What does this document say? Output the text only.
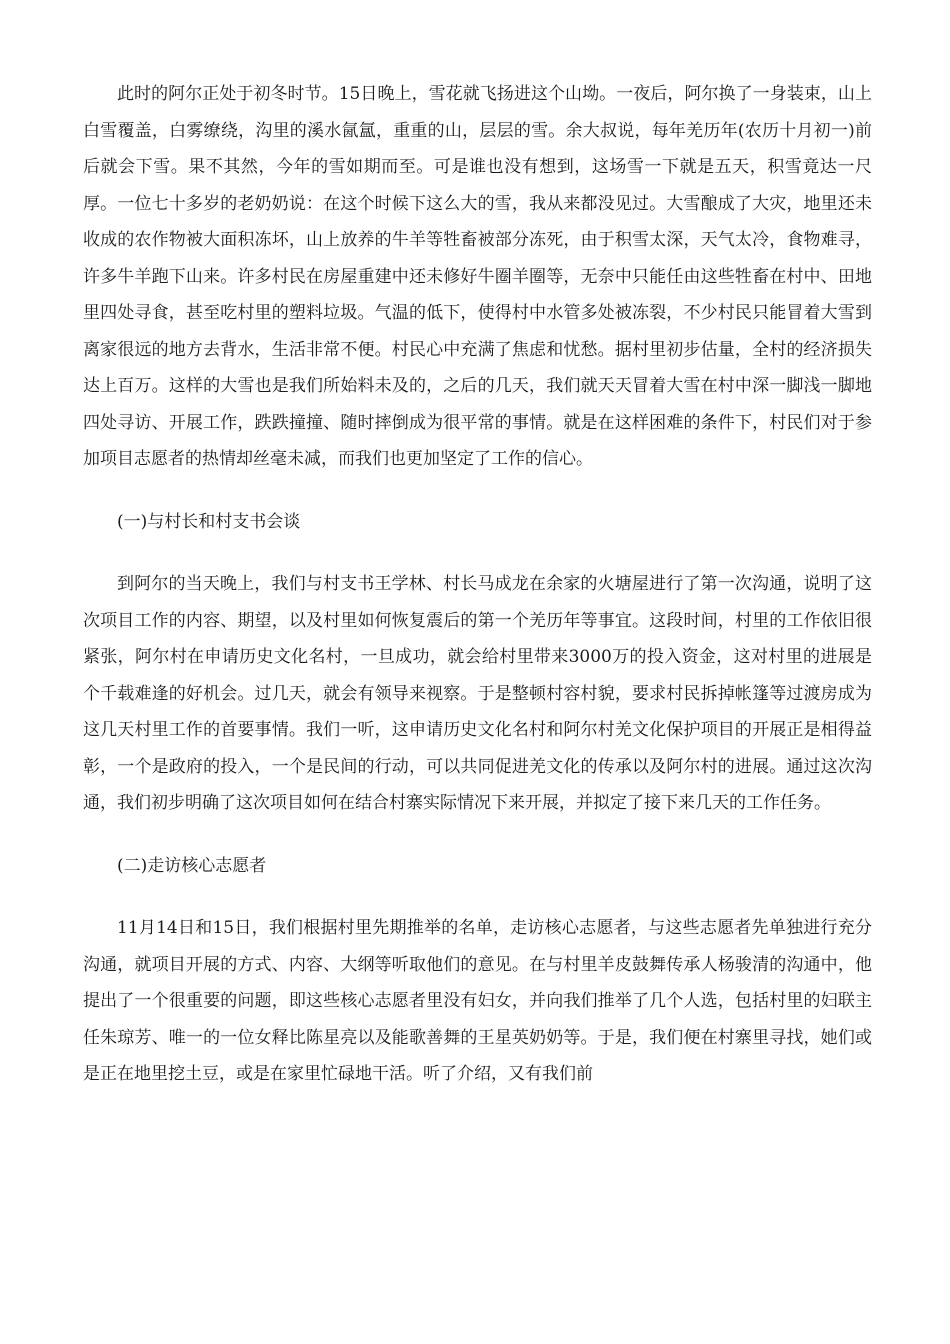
此时的阿尔正处于初冬时节。15日晚上，雪花就飞扬进这个山坳。一夜后，阿尔换了一身装束，山上白雪覆盖，白雾缭绕，沟里的溪水氤氲，重重的山，层层的雪。余大叔说，每年羌历年(农历十月初一)前后就会下雪。果不其然，今年的雪如期而至。可是谁也没有想到，这场雪一下就是五天，积雪竟达一尺厚。一位七十多岁的老奶奶说：在这个时候下这么大的雪，我从来都没见过。大雪酿成了大灾，地里还未收成的农作物被大面积冻坏，山上放养的牛羊等牲畜被部分冻死，由于积雪太深，天气太冷，食物难寻，许多牛羊跑下山来。许多村民在房屋重建中还未修好牛圈羊圈等，无奈中只能任由这些牲畜在村中、田地里四处寻食，甚至吃村里的塑料垃圾。气温的低下，使得村中水管多处被冻裂，不少村民只能冒着大雪到离家很远的地方去背水，生活非常不便。村民心中充满了焦虑和忧愁。据村里初步估量，全村的经济损失达上百万。这样的大雪也是我们所始料未及的，之后的几天，我们就天天冒着大雪在村中深一脚浅一脚地四处寻访、开展工作，跌跌撞撞、随时摔倒成为很平常的事情。就是在这样困难的条件下，村民们对于参加项目志愿者的热情却丝毫未减，而我们也更加坚定了工作的信心。

(一)与村长和村支书会谈

到阿尔的当天晚上，我们与村支书王学林、村长马成龙在余家的火塘屋进行了第一次沟通，说明了这次项目工作的内容、期望，以及村里如何恢复震后的第一个羌历年等事宜。这段时间，村里的工作依旧很紧张，阿尔村在申请历史文化名村，一旦成功，就会给村里带来3000万的投入资金，这对村里的进展是个千载难逢的好机会。过几天，就会有领导来视察。于是整顿村容村貌，要求村民拆掉帐篷等过渡房成为这几天村里工作的首要事情。我们一听，这申请历史文化名村和阿尔村羌文化保护项目的开展正是相得益彰，一个是政府的投入，一个是民间的行动，可以共同促进羌文化的传承以及阿尔村的进展。通过这次沟通，我们初步明确了这次项目如何在结合村寨实际情况下来开展，并拟定了接下来几天的工作任务。

(二)走访核心志愿者

11月14日和15日，我们根据村里先期推举的名单，走访核心志愿者，与这些志愿者先单独进行充分沟通，就项目开展的方式、内容、大纲等听取他们的意见。在与村里羊皮鼓舞传承人杨骏清的沟通中，他提出了一个很重要的问题，即这些核心志愿者里没有妇女，并向我们推举了几个人选，包括村里的妇联主任朱琼芳、唯一的一位女释比陈星亮以及能歌善舞的王星英奶奶等。于是，我们便在村寨里寻找，她们或是正在地里挖土豆，或是在家里忙碌地干活。听了介绍，又有我们前
